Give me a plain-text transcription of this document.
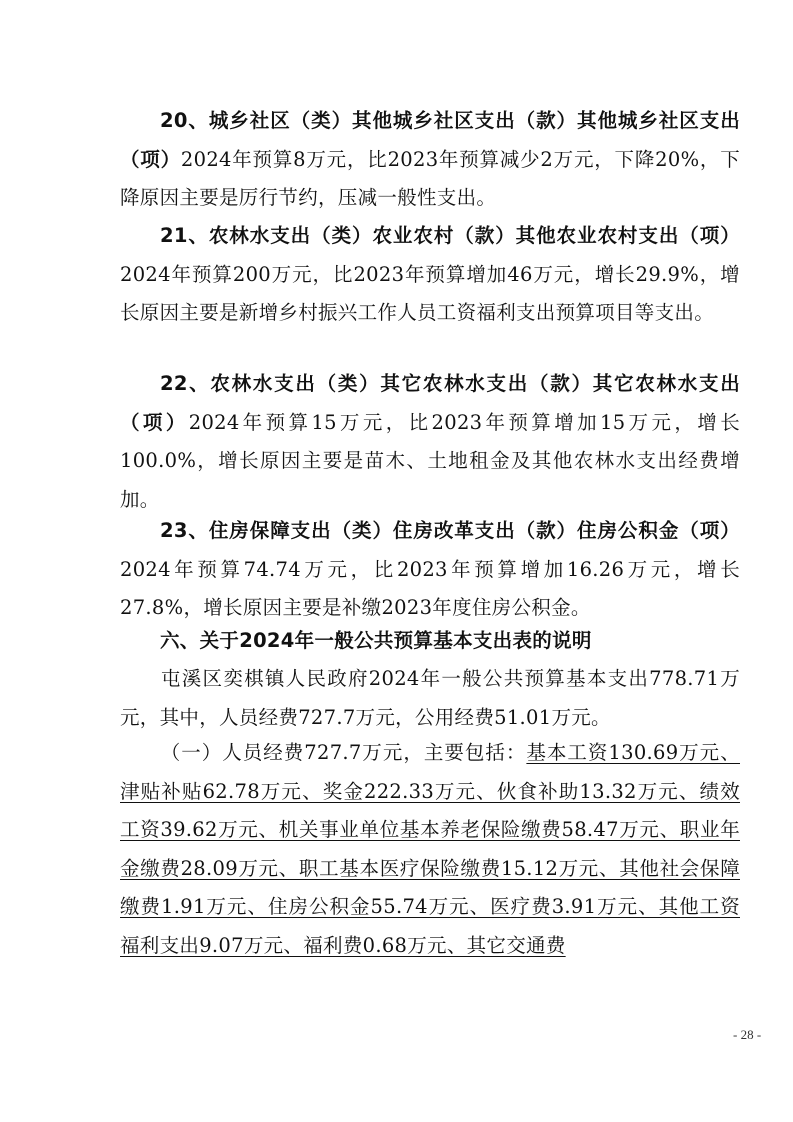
20、城乡社区（类）其他城乡社区支出（款）其他城乡社区支出（项）2024年预算8万元，比2023年预算减少2万元，下降20%，下降原因主要是厉行节约，压减一般性支出。
21、农林水支出（类）农业农村（款）其他农业农村支出（项）2024年预算200万元，比2023年预算增加46万元，增长29.9%，增长原因主要是新增乡村振兴工作人员工资福利支出预算项目等支出。
22、农林水支出（类）其它农林水支出（款）其它农林水支出（项）2024年预算15万元，比2023年预算增加15万元，增长100.0%，增长原因主要是苗木、土地租金及其他农林水支出经费增加。
23、住房保障支出（类）住房改革支出（款）住房公积金（项）2024年预算74.74万元，比2023年预算增加16.26万元，增长27.8%，增长原因主要是补缴2023年度住房公积金。
六、关于2024年一般公共预算基本支出表的说明
屯溪区奕棋镇人民政府2024年一般公共预算基本支出778.71万元，其中，人员经费727.7万元，公用经费51.01万元。
（一）人员经费727.7万元，主要包括：基本工资130.69万元、津贴补贴62.78万元、奖金222.33万元、伙食补助13.32万元、绩效工资39.62万元、机关事业单位基本养老保险缴费58.47万元、职业年金缴费28.09万元、职工基本医疗保险缴费15.12万元、其他社会保障缴费1.91万元、住房公积金55.74万元、医疗费3.91万元、其他工资福利支出9.07万元、福利费0.68万元、其它交通费
- 28 -
